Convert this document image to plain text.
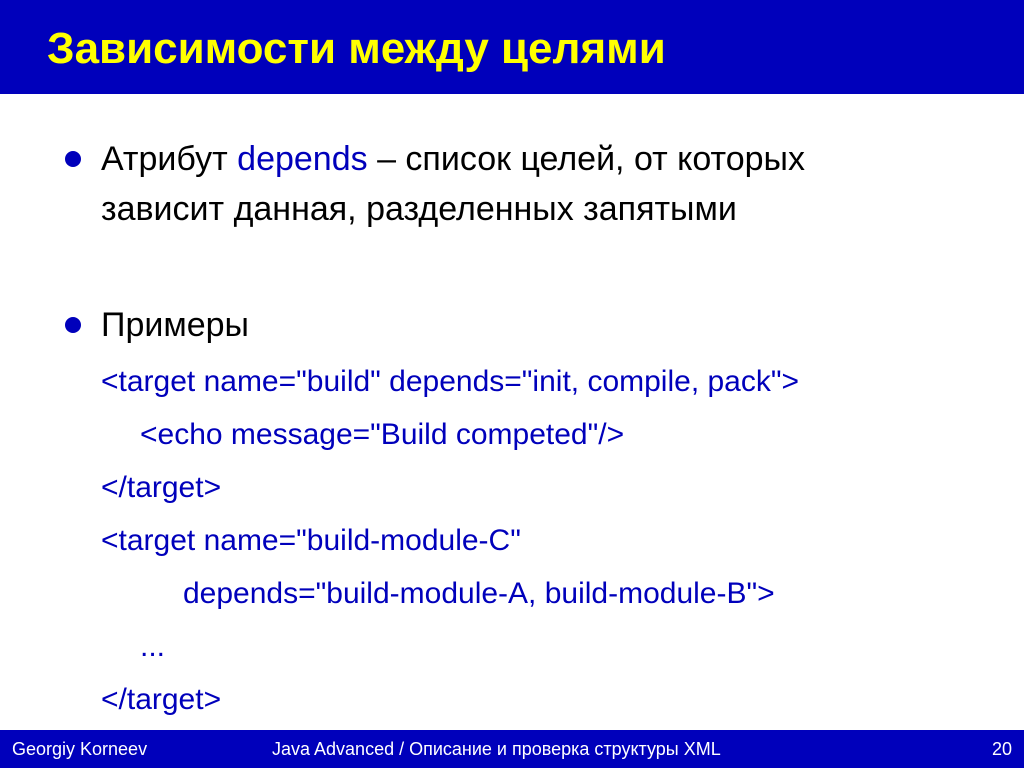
Зависимости между целями
Атрибут depends – список целей, от которых зависит данная, разделенных запятыми
Примеры
<target name="build" depends="init, compile, pack">
<echo message="Build competed"/>
</target>
<target name="build-module-C"
depends="build-module-A, build-module-B">
...
</target>
Georgiy Korneev	Java Advanced / Описание и проверка структуры XML	20
